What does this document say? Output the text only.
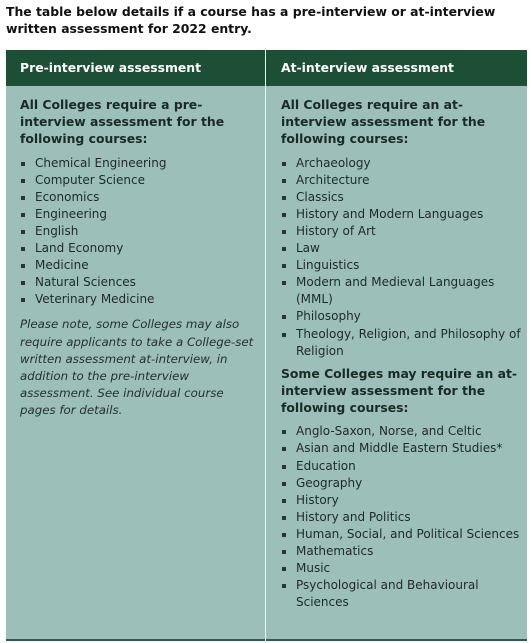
The table below details if a course has a pre-interview or at-interview written assessment for 2022 entry.
Pre-interview assessment	At-interview assessment
All Colleges require a pre-interview assessment for the following courses:
Chemical Engineering
Computer Science
Economics
Engineering
English
Land Economy
Medicine
Natural Sciences
Veterinary Medicine
Please note, some Colleges may also require applicants to take a College-set written assessment at-interview, in addition to the pre-interview assessment. See individual course pages for details.
All Colleges require an at-interview assessment for the following courses:
Archaeology
Architecture
Classics
History and Modern Languages
History of Art
Law
Linguistics
Modern and Medieval Languages (MML)
Philosophy
Theology, Religion, and Philosophy of Religion
Some Colleges may require an at-interview assessment for the following courses:
Anglo-Saxon, Norse, and Celtic
Asian and Middle Eastern Studies*
Education
Geography
History
History and Politics
Human, Social, and Political Sciences
Mathematics
Music
Psychological and Behavioural Sciences
